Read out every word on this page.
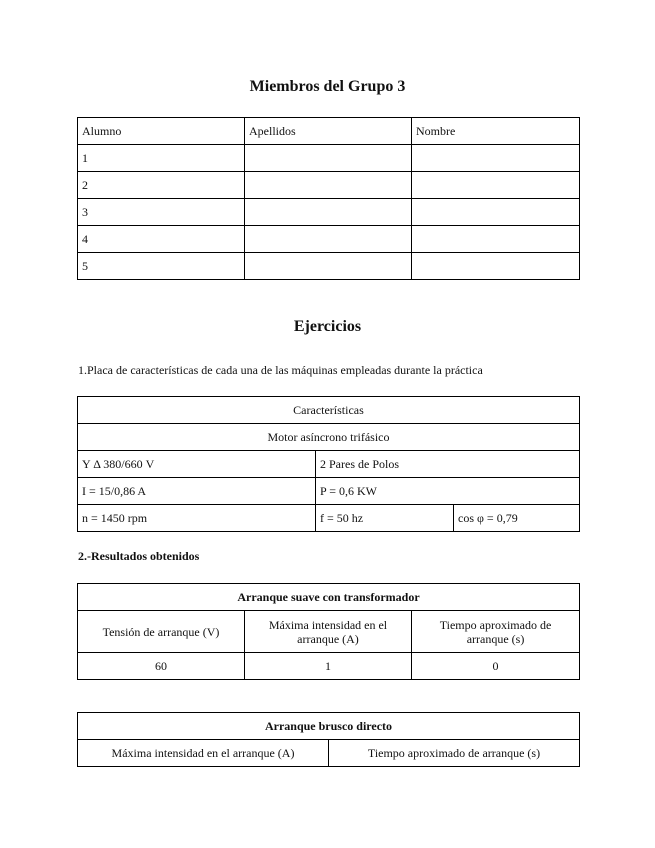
Miembros del Grupo 3
Alumno	Apellidos	Nombre
1		
2		
3		
4		
5		
Ejercicios
1.Placa de características de cada una de las máquinas empleadas durante la práctica
Características		
Motor asíncrono trifásico		
Y Δ 380/660 V	2 Pares de Polos	
I = 15/0,86 A	P = 0,6 KW	
n = 1450 rpm	f = 50 hz	cos φ = 0,79
2.-Resultados obtenidos
Arranque suave con transformador		
Tensión de arranque (V)	Máxima intensidad en el arranque (A)	Tiempo aproximado de arranque (s)
60	1	0
Arranque brusco directo
Máxima intensidad en el arranque (A)	Tiempo aproximado de arranque (s)
